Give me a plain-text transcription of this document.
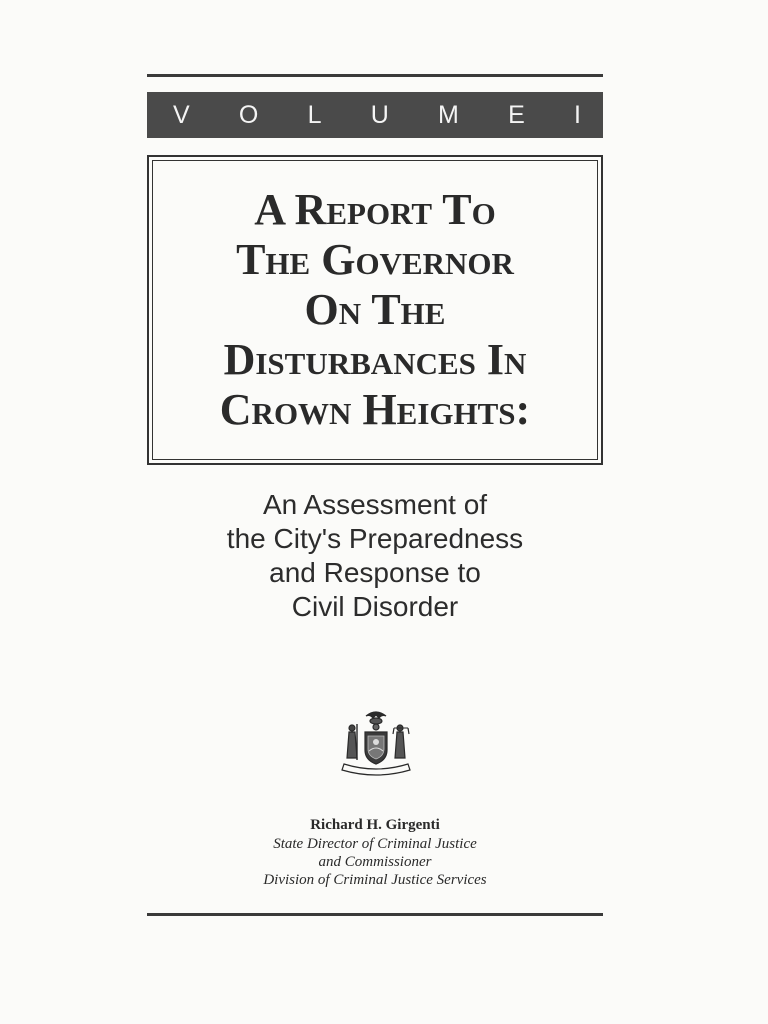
V O L U M E I
A Report To
The Governor
On The
Disturbances In
Crown Heights:
An Assessment of
the City's Preparedness
and Response to
Civil Disorder
Richard H. Girgenti
State Director of Criminal Justice
and Commissioner
Division of Criminal Justice Services
